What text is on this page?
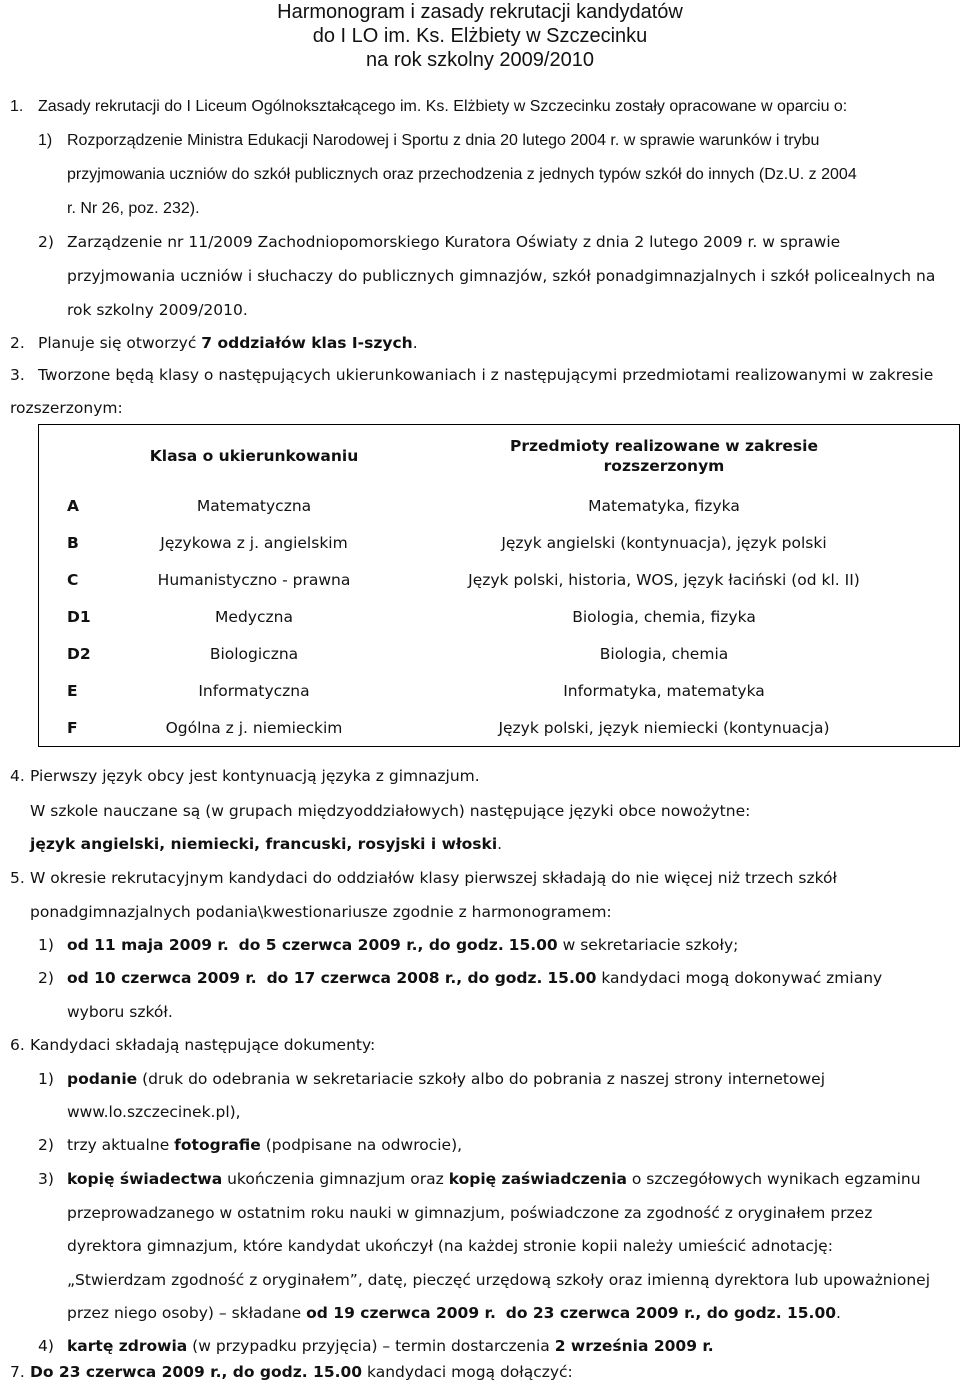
Harmonogram i zasady rekrutacji kandydatów
do I LO im. Ks. Elżbiety w Szczecinku
na rok szkolny 2009/2010
1. Zasady rekrutacji do I Liceum Ogólnokształcącego im. Ks. Elżbiety w Szczecinku zostały opracowane w oparciu o:
1) Rozporządzenie Ministra Edukacji Narodowej i Sportu z dnia 20 lutego 2004 r. w sprawie warunków i trybu
przyjmowania uczniów do szkół publicznych oraz przechodzenia z jednych typów szkół do innych (Dz.U. z 2004
r. Nr 26, poz. 232).
2) Zarządzenie nr 11/2009 Zachodniopomorskiego Kuratora Oświaty z dnia 2 lutego 2009 r. w sprawie
przyjmowania uczniów i słuchaczy do publicznych gimnazjów, szkół ponadgimnazjalnych i szkół policealnych na
rok szkolny 2009/2010.
2. Planuje się otworzyć 7 oddziałów klas I-szych.
3. Tworzone będą klasy o następujących ukierunkowaniach i z następującymi przedmiotami realizowanymi w zakresie
rozszerzonym:
	Klasa o ukierunkowaniu	Przedmioty realizowane w zakresie rozszerzonym

A	Matematyczna	Matematyka, fizyka
B	Językowa z j. angielskim	Język angielski (kontynuacja), język polski
C	Humanistyczno - prawna	Język polski, historia, WOS, język łaciński (od kl. II)
D1	Medyczna	Biologia, chemia, fizyka
D2	Biologiczna	Biologia, chemia
E	Informatyczna	Informatyka, matematyka
F	Ogólna z j. niemieckim	Język polski, język niemiecki (kontynuacja)
4. Pierwszy język obcy jest kontynuacją języka z gimnazjum.
W szkole nauczane są (w grupach międzyoddziałowych) następujące języki obce nowożytne:
język angielski, niemiecki, francuski, rosyjski i włoski.
5. W okresie rekrutacyjnym kandydaci do oddziałów klasy pierwszej składają do nie więcej niż trzech szkół
ponadgimnazjalnych podania\kwestionariusze zgodnie z harmonogramem:
1) od 11 maja 2009 r. do 5 czerwca 2009 r., do godz. 15.00 w sekretariacie szkoły;
2) od 10 czerwca 2009 r. do 17 czerwca 2008 r., do godz. 15.00 kandydaci mogą dokonywać zmiany
wyboru szkół.
6. Kandydaci składają następujące dokumenty:
1) podanie (druk do odebrania w sekretariacie szkoły albo do pobrania z naszej strony internetowej
www.lo.szczecinek.pl),
2) trzy aktualne fotografie (podpisane na odwrocie),
3) kopię świadectwa ukończenia gimnazjum oraz kopię zaświadczenia o szczegółowych wynikach egzaminu
przeprowadzanego w ostatnim roku nauki w gimnazjum, poświadczone za zgodność z oryginałem przez
dyrektora gimnazjum, które kandydat ukończył (na każdej stronie kopii należy umieścić adnotację:
„Stwierdzam zgodność z oryginałem”, datę, pieczęć urzędową szkoły oraz imienną dyrektora lub upoważnionej
przez niego osoby) – składane od 19 czerwca 2009 r. do 23 czerwca 2009 r., do godz. 15.00.
4) kartę zdrowia (w przypadku przyjęcia) – termin dostarczenia 2 września 2009 r.
7. Do 23 czerwca 2009 r., do godz. 15.00 kandydaci mogą dołączyć:
